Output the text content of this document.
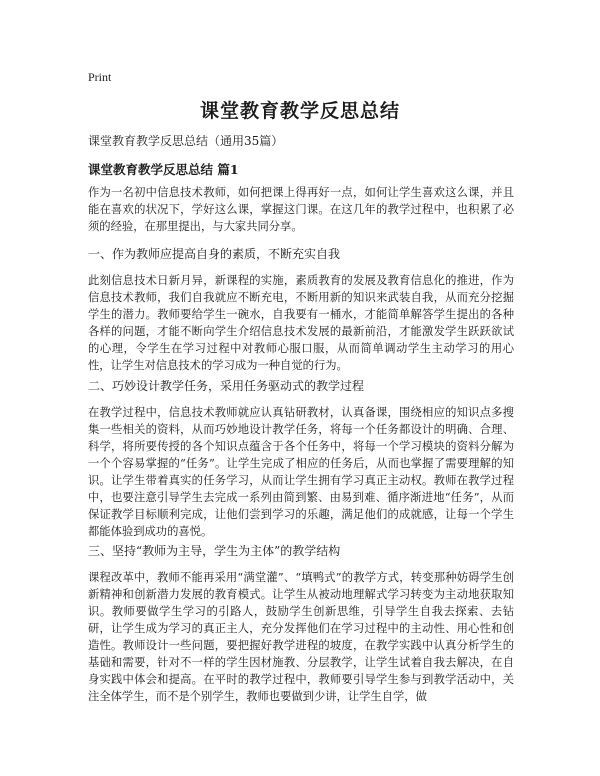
Print
课堂教育教学反思总结

课堂教育教学反思总结（通用35篇）

课堂教育教学反思总结 篇1

作为一名初中信息技术教师，如何把课上得再好一点，如何让学生喜欢这么课，并且能在喜欢的状况下，学好这么课，掌握这门课。在这几年的教学过程中，也积累了必须的经验，在那里提出，与大家共同分享。

一、作为教师应提高自身的素质，不断充实自我

此刻信息技术日新月异，新课程的实施，素质教育的发展及教育信息化的推进，作为信息技术教师，我们自我就应不断充电，不断用新的知识来武装自我，从而充分挖掘学生的潜力。教师要给学生一碗水，自我要有一桶水，才能简单解答学生提出的各种各样的问题，才能不断向学生介绍信息技术发展的最新前沿，才能激发学生跃跃欲试的心理，令学生在学习过程中对教师心服口服，从而简单调动学生主动学习的用心性，让学生对信息技术的学习成为一种自觉的行为。

二、巧妙设计教学任务，采用任务驱动式的教学过程

在教学过程中，信息技术教师就应认真钻研教材，认真备课，围绕相应的知识点多搜集一些相关的资料，从而巧妙地设计教学任务，将每一个任务都设计的明确、合理、科学，将所要传授的各个知识点蕴含于各个任务中，将每一个学习模块的资料分解为一个个容易掌握的“任务”。让学生完成了相应的任务后，从而也掌握了需要理解的知识。让学生带着真实的任务学习，从而让学生拥有学习真正主动权。教师在教学过程中，也要注意引导学生去完成一系列由简到繁、由易到难、循序渐进地“任务”，从而保证教学目标顺利完成，让他们尝到学习的乐趣，满足他们的成就感，让每一个学生都能体验到成功的喜悦。

三、坚持“教师为主导，学生为主体”的教学结构

课程改革中，教师不能再采用“满堂灌”、“填鸭式”的教学方式，转变那种妨碍学生创新精神和创新潜力发展的教育模式。让学生从被动地理解式学习转变为主动地获取知识。教师要做学生学习的引路人，鼓励学生创新思维，引导学生自我去探索、去钻研，让学生成为学习的真正主人，充分发挥他们在学习过程中的主动性、用心性和创造性。教师设计一些问题，要把握好教学进程的坡度，在教学实践中认真分析学生的基础和需要，针对不一样的学生因材施教、分层教学，让学生试着自我去解决，在自身实践中体会和提高。在平时的教学过程中，教师要引导学生参与到教学活动中，关注全体学生，而不是个别学生，教师也要做到少讲，让学生自学，做
